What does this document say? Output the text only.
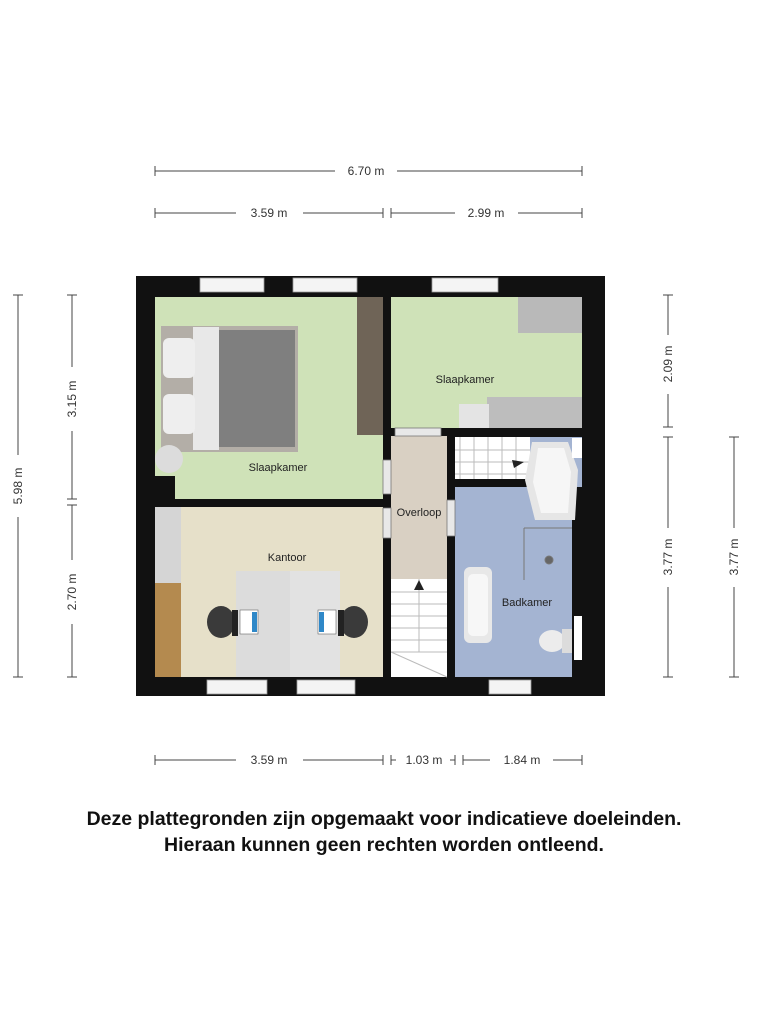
6.70 m
3.59 m	2.99 m
3.59 m	1.03 m	1.84 m
5.98 m
3.15 m
2.70 m
2.09 m
3.77 m	3.77 m
Slaapkamer
Slaapkamer
Kantoor
Overloop
Badkamer
Deze plattegronden zijn opgemaakt voor indicatieve doeleinden.
Hieraan kunnen geen rechten worden ontleend.
